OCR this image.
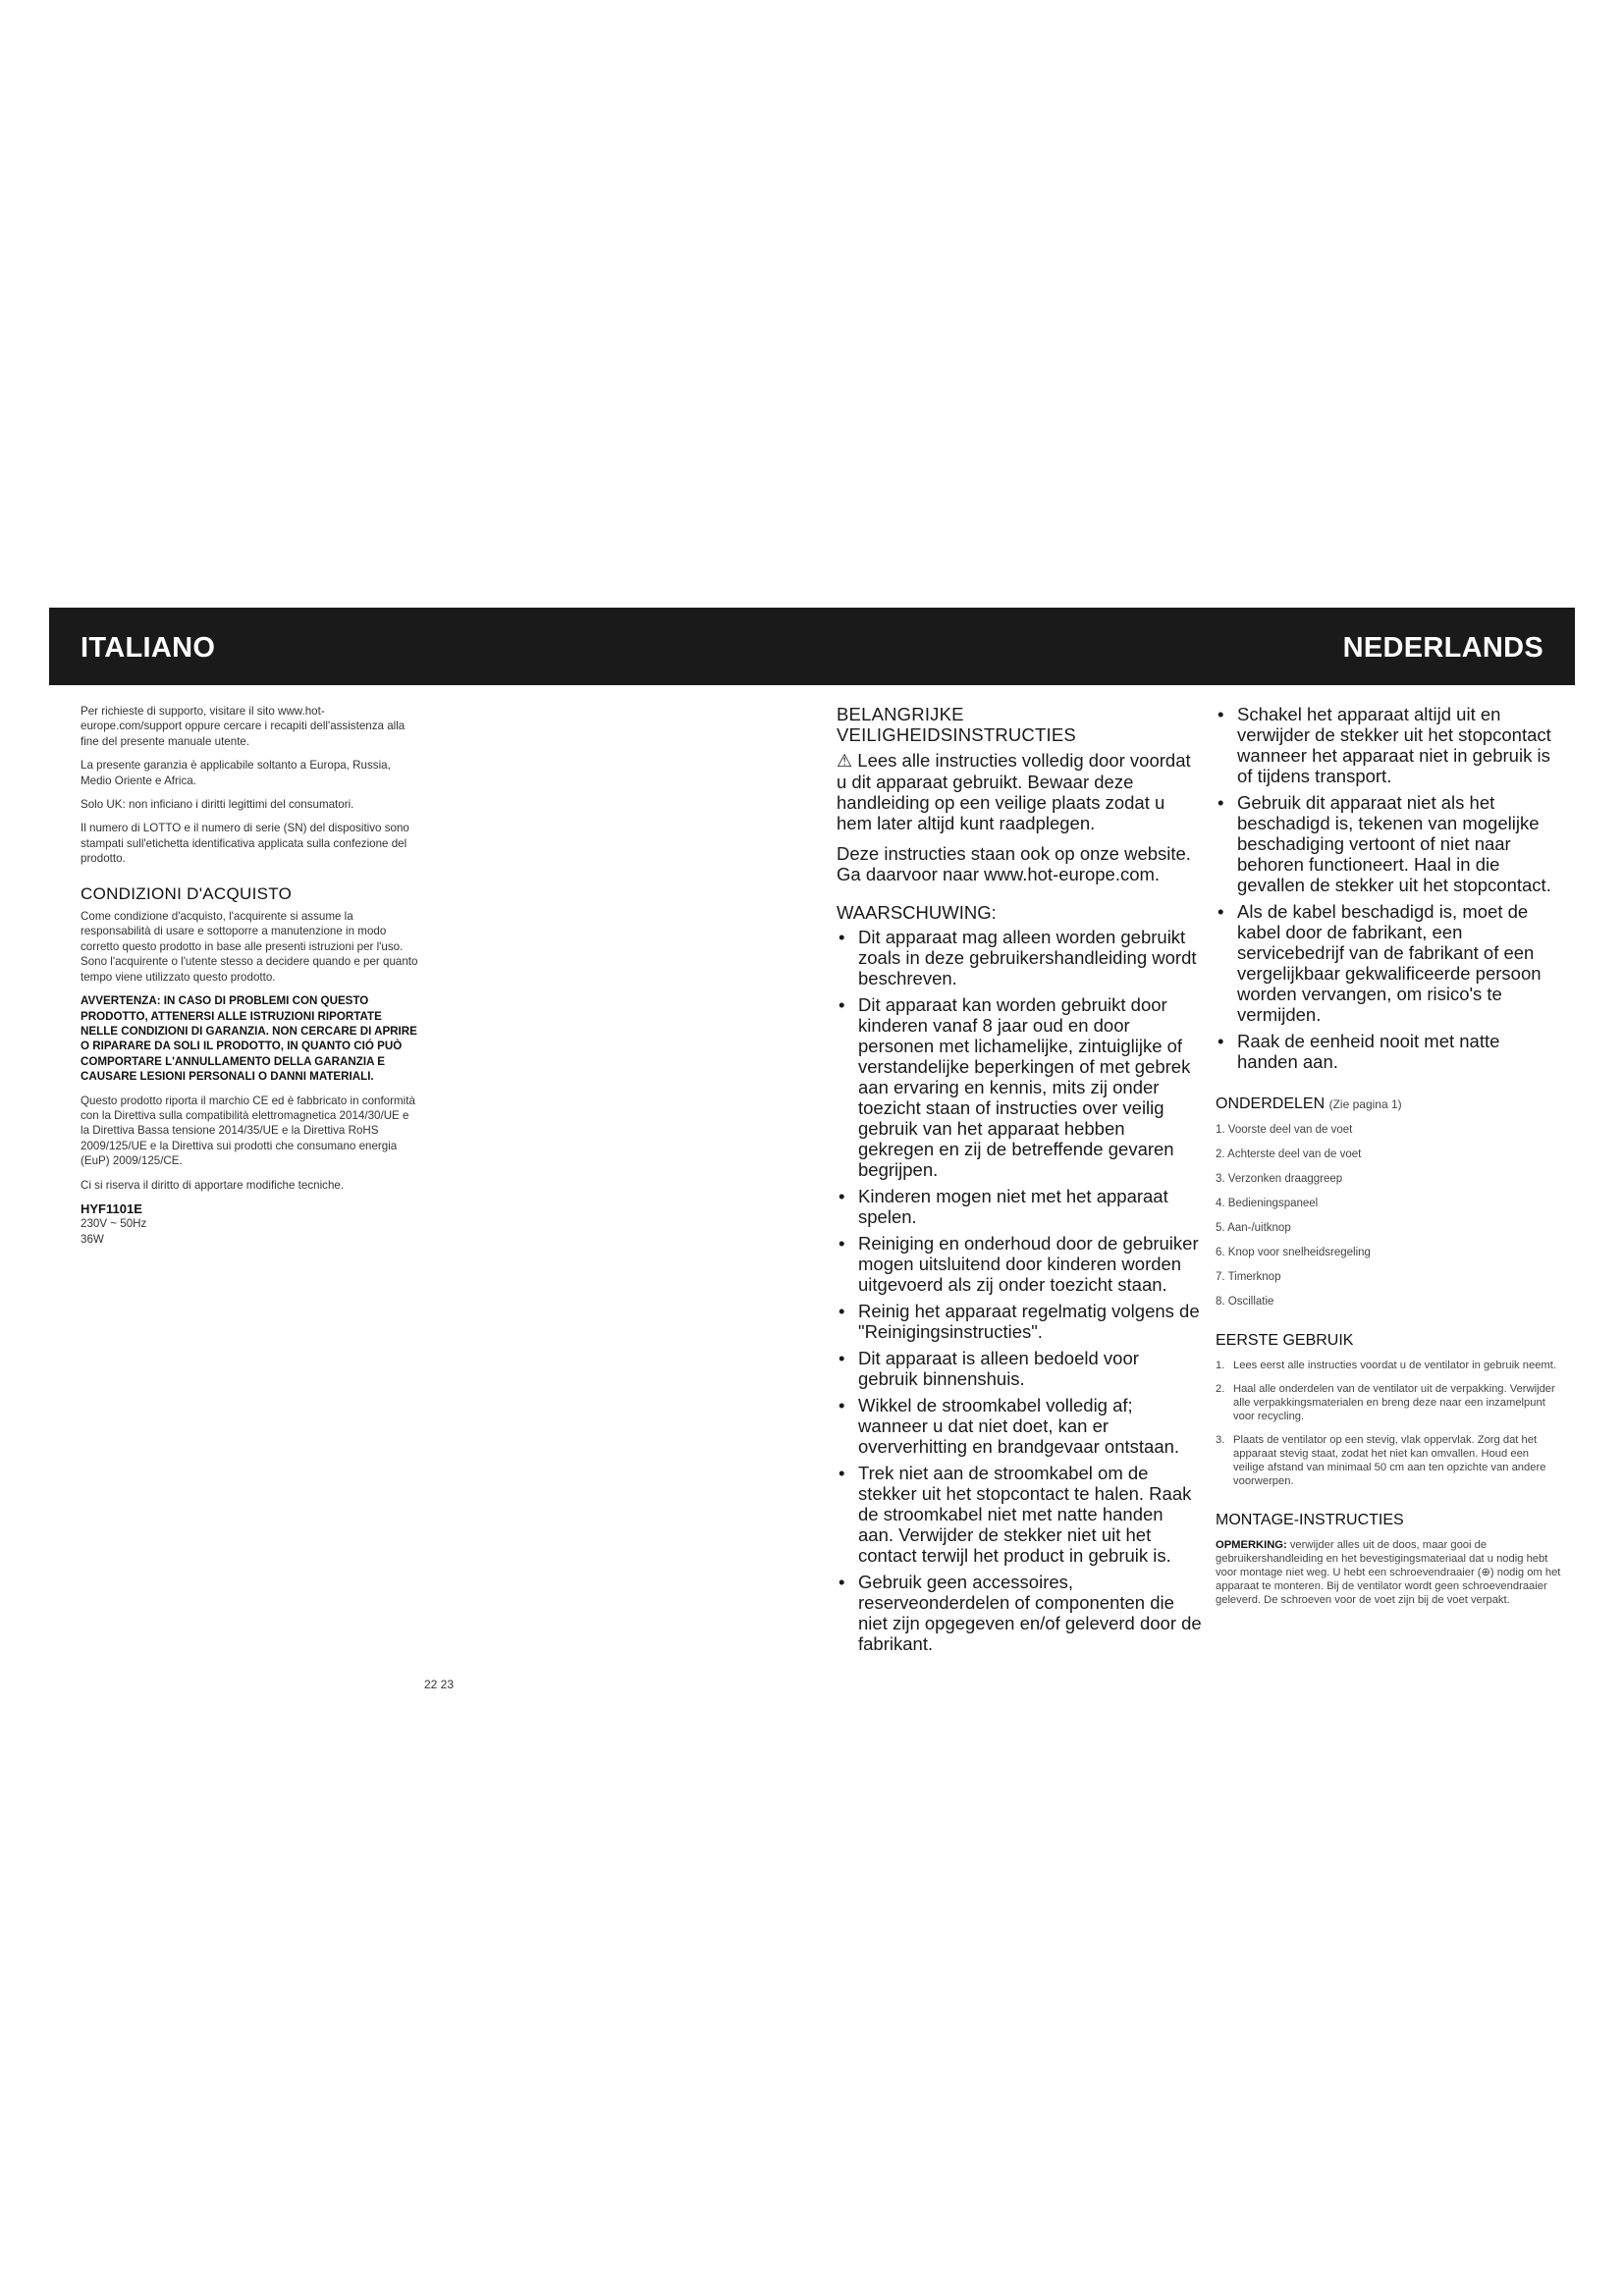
ITALIANO	NEDERLANDS

Per richieste di supporto, visitare il sito www.hot-europe.com/support oppure cercare i recapiti dell'assistenza alla fine del presente manuale utente.

La presente garanzia è applicabile soltanto a Europa, Russia, Medio Oriente e Africa.

Solo UK: non inficiano i diritti legittimi del consumatori.

Il numero di LOTTO e il numero di serie (SN) del dispositivo sono stampati sull'etichetta identificativa applicata sulla confezione del prodotto.

CONDIZIONI D'ACQUISTO

Come condizione d'acquisto, l'acquirente si assume la responsabilità di usare e sottoporre a manutenzione in modo corretto questo prodotto in base alle presenti istruzioni per l'uso. Sono l'acquirente o l'utente stesso a decidere quando e per quanto tempo viene utilizzato questo prodotto.

AVVERTENZA: IN CASO DI PROBLEMI CON QUESTO PRODOTTO, ATTENERSI ALLE ISTRUZIONI RIPORTATE NELLE CONDIZIONI DI GARANZIA. NON CERCARE DI APRIRE O RIPARARE DA SOLI IL PRODOTTO, IN QUANTO CIÓ PUÒ COMPORTARE L'ANNULLAMENTO DELLA GARANZIA E CAUSARE LESIONI PERSONALI O DANNI MATERIALI.

Questo prodotto riporta il marchio CE ed è fabbricato in conformità con la Direttiva sulla compatibilità elettromagnetica 2014/30/UE e la Direttiva Bassa tensione 2014/35/UE e la Direttiva RoHS 2009/125/UE e la Direttiva sui prodotti che consumano energia (EuP) 2009/125/CE.

Ci si riserva il diritto di apportare modifiche tecniche.

HYF1101E

230V ~ 50Hz

36W

22 23
BELANGRIJKE VEILIGHEIDSINSTRUCTIES

⚠ Lees alle instructies volledig door voordat u dit apparaat gebruikt. Bewaar deze handleiding op een veilige plaats zodat u hem later altijd kunt raadplegen.

Deze instructies staan ook op onze website. Ga daarvoor naar www.hot-europe.com.

WAARSCHUWING:
• Dit apparaat mag alleen worden gebruikt zoals in deze gebruikershandleiding wordt beschreven.
• Dit apparaat kan worden gebruikt door kinderen vanaf 8 jaar oud en door personen met lichamelijke, zintuiglijke of verstandelijke beperkingen of met gebrek aan ervaring en kennis, mits zij onder toezicht staan of instructies over veilig gebruik van het apparaat hebben gekregen en zij de betreffende gevaren begrijpen.
• Kinderen mogen niet met het apparaat spelen.
• Reiniging en onderhoud door de gebruiker mogen uitsluitend door kinderen worden uitgevoerd als zij onder toezicht staan.
• Reinig het apparaat regelmatig volgens de "Reinigingsinstructies".
• Dit apparaat is alleen bedoeld voor gebruik binnenshuis.
• Wikkel de stroomkabel volledig af; wanneer u dat niet doet, kan er oververhitting en brandgevaar ontstaan.
• Trek niet aan de stroomkabel om de stekker uit het stopcontact te halen. Raak de stroomkabel niet met natte handen aan. Verwijder de stekker niet uit het contact terwijl het product in gebruik is.
• Gebruik geen accessoires, reserveonderdelen of componenten die niet zijn opgegeven en/of geleverd door de fabrikant.
• Schakel het apparaat altijd uit en verwijder de stekker uit het stopcontact wanneer het apparaat niet in gebruik is of tijdens transport.
• Gebruik dit apparaat niet als het beschadigd is, tekenen van mogelijke beschadiging vertoont of niet naar behoren functioneert. Haal in die gevallen de stekker uit het stopcontact.
• Als de kabel beschadigd is, moet de kabel door de fabrikant, een servicebedrijf van de fabrikant of een vergelijkbaar gekwalificeerde persoon worden vervangen, om risico's te vermijden.
• Raak de eenheid nooit met natte handen aan.
ONDERDELEN (Zie pagina 1)
1. Voorste deel van de voet
2. Achterste deel van de voet
3. Verzonken draaggreep
4. Bedieningspaneel
5. Aan-/uitknop
6. Knop voor snelheidsregeling
7. Timerknop
8. Oscillatie
EERSTE GEBRUIK
1. Lees eerst alle instructies voordat u de ventilator in gebruik neemt.
2. Haal alle onderdelen van de ventilator uit de verpakking. Verwijder alle verpakkingsmaterialen en breng deze naar een inzamelpunt voor recycling.
3. Plaats de ventilator op een stevig, vlak oppervlak. Zorg dat het apparaat stevig staat, zodat het niet kan omvallen. Houd een veilige afstand van minimaal 50 cm aan ten opzichte van andere voorwerpen.
MONTAGE-INSTRUCTIES

OPMERKING: verwijder alles uit de doos, maar gooi de gebruikershandleiding en het bevestigingsmateriaal dat u nodig hebt voor montage niet weg. U hebt een schroevendraaier (⊕) nodig om het apparaat te monteren. Bij de ventilator wordt geen schroevendraaier geleverd. De schroeven voor de voet zijn bij de voet verpakt.
